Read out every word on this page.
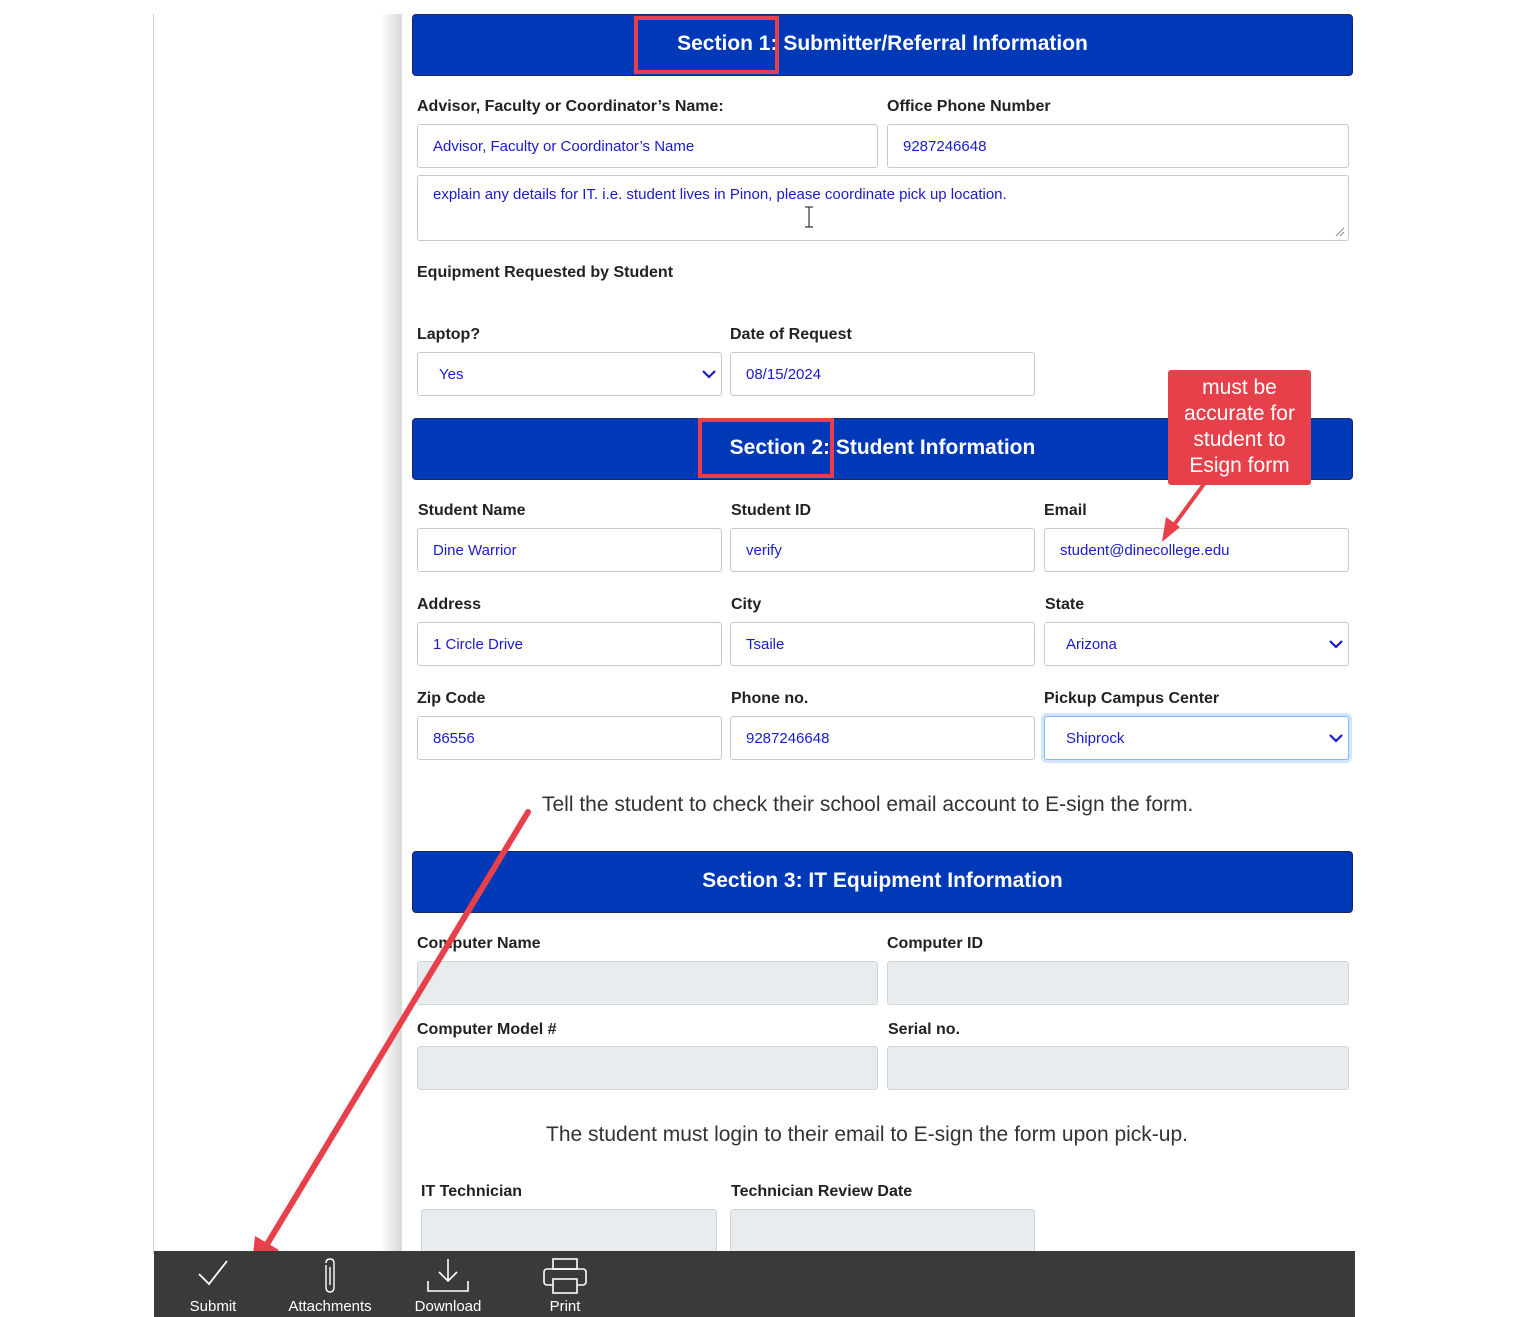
Section 1: Submitter/Referral Information
Advisor, Faculty or Coordinator’s Name:	Office Phone Number
Advisor, Faculty or Coordinator’s Name	9287246648
explain any details for IT. i.e. student lives in Pinon, please coordinate pick up location.
Equipment Requested by Student
Laptop?	Date of Request
Yes	08/15/2024
Section 2: Student Information
Student Name	Student ID	Email
Dine Warrior	verify	student@dinecollege.edu
Address	City	State
1 Circle Drive	Tsaile	Arizona
Zip Code	Phone no.	Pickup Campus Center
86556	9287246648	Shiprock
Tell the student to check their school email account to E-sign the form.
Section 3: IT Equipment Information
Computer Name	Computer ID
Computer Model #	Serial no.
The student must login to their email to E-sign the form upon pick-up.
IT Technician	Technician Review Date
must be accurate for student to Esign form
Submit	Attachments	Download	Print
